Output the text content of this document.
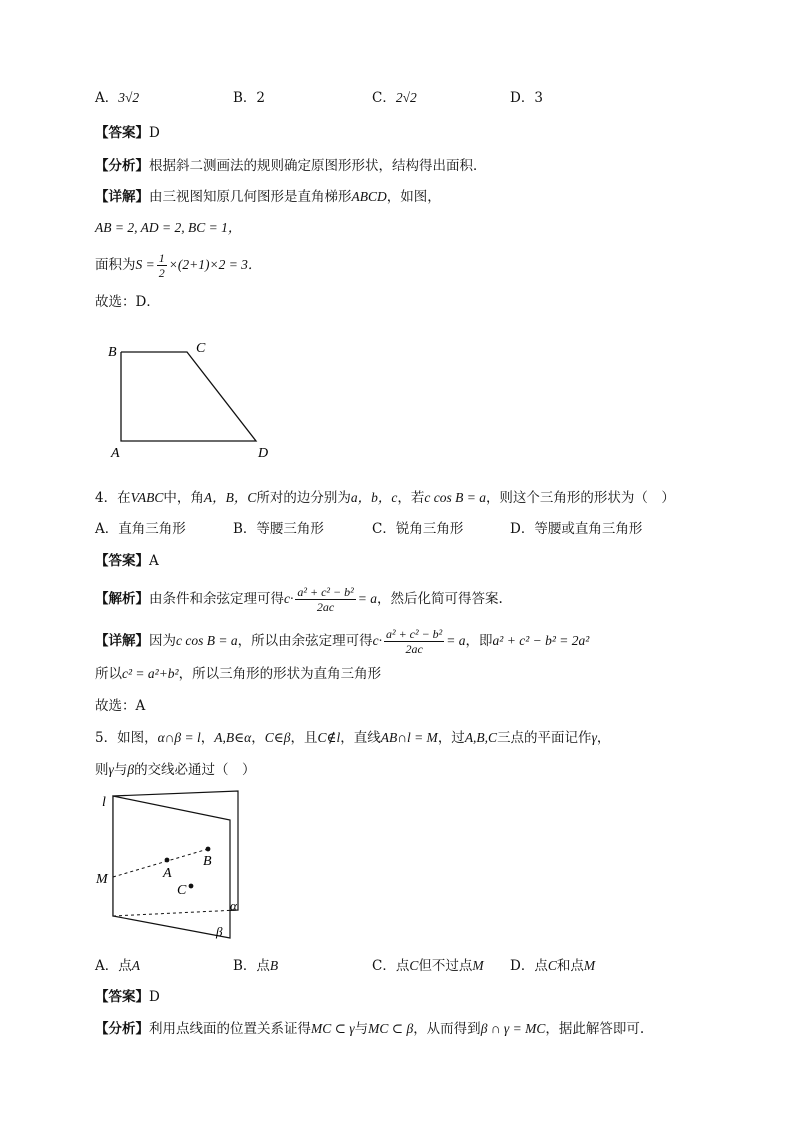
A．3√2	B．2	C．2√2	D．3
【答案】D
【分析】根据斜二测画法的规则确定原图形形状，结构得出面积．
【详解】由三视图知原几何图形是直角梯形ABCD，如图，
AB = 2, AD = 2, BC = 1，
面积为$S = \frac{1}{2} \times(2+1)\times 2 = 3$．
故选：D．
B	C
A	D
4．在VABC中，角A，B，C所对的边分别为a，b，c，若c cos B = a，则这个三角形的形状为（　）
A．直角三角形	B．等腰三角形	C．锐角三角形	D．等腰或直角三角形
【答案】A
【解析】由条件和余弦定理可得$c\cdot \frac{\text{a² + c² − b²}}{2ac} = a$，然后化简可得答案.
【详解】因为c cos B = a，所以由余弦定理可得$c\cdot \frac{\text{a² + c² − b²}}{2ac} = a$，即a² + c² − b² = 2a²
所以c² = a²+b²，所以三角形的形状为直角三角形
故选：A
5．如图，α∩β = l，A,B∈α，C∈β，且C∉l，直线AB∩l = M，过A,B,C三点的平面记作γ，
则γ与β的交线必通过（　）
l
M	A
B
C
α
β
A．点A	B．点B	C．点C但不过点M D．点C和点M
【答案】D
【分析】利用点线面的位置关系证得MC ⊂ γ与MC ⊂ β，从而得到β ∩ γ = MC，据此解答即可.
